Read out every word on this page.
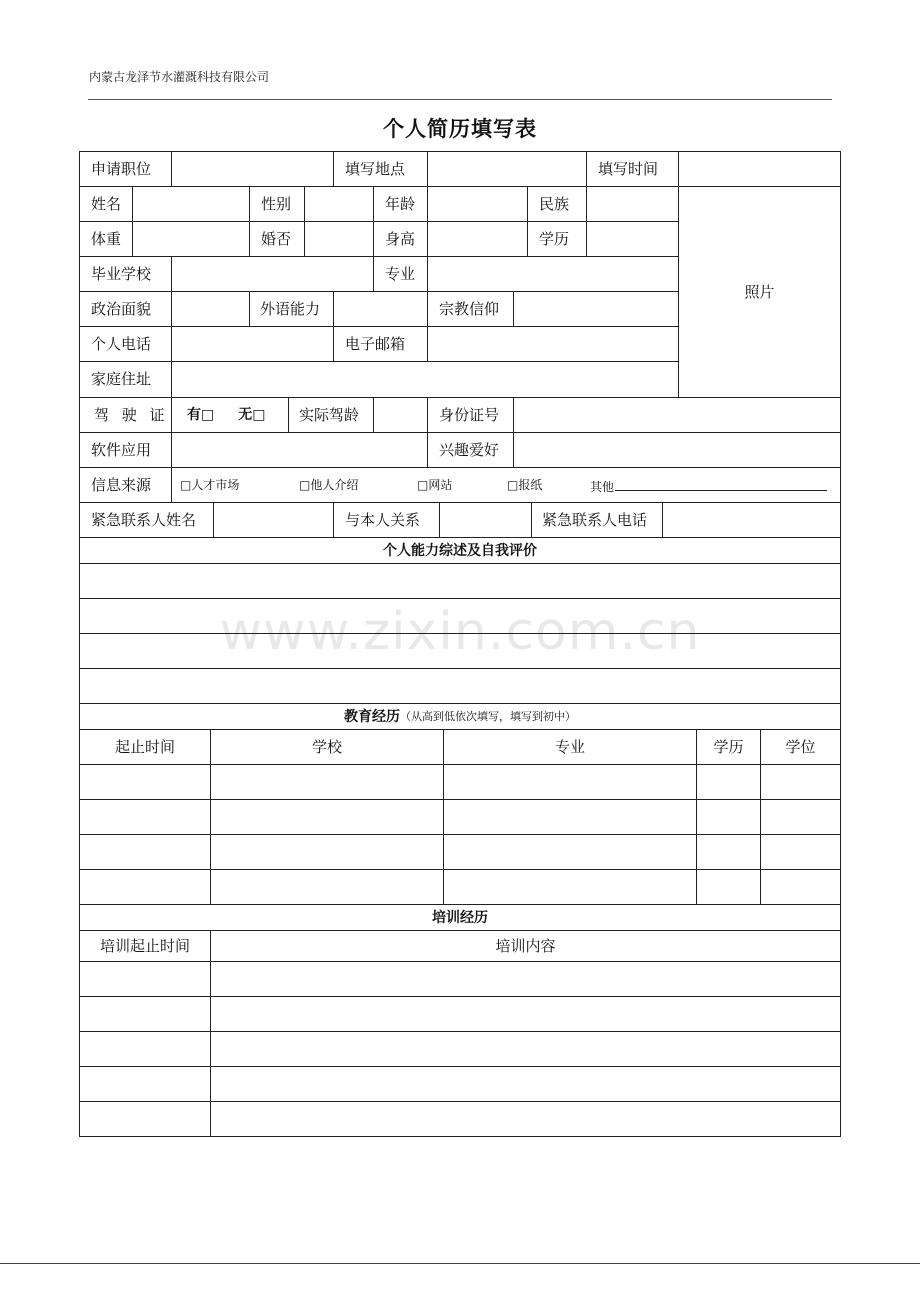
内蒙古龙泽节水灌溉科技有限公司
个人简历填写表
申请职位	填写地点	填写时间
姓名	性别	年龄	民族
照片
体重	婚否	身高	学历
毕业学校	专业
政治面貌	外语能力	宗教信仰
个人电话	电子邮箱
家庭住址
驾 驶 证 有□ 无□	实际驾龄	身份证号
软件应用	兴趣爱好
信息来源	□人才市场	□他人介绍	□网站	□报纸	其他
紧急联系人姓名	与本人关系	紧急联系人电话
个人能力综述及自我评价
教育经历 （从高到低依次填写，填写到初中）
起止时间	学校	专业	学历	学位
培训经历
培训起止时间	培训内容
www.zixin.com.cn
